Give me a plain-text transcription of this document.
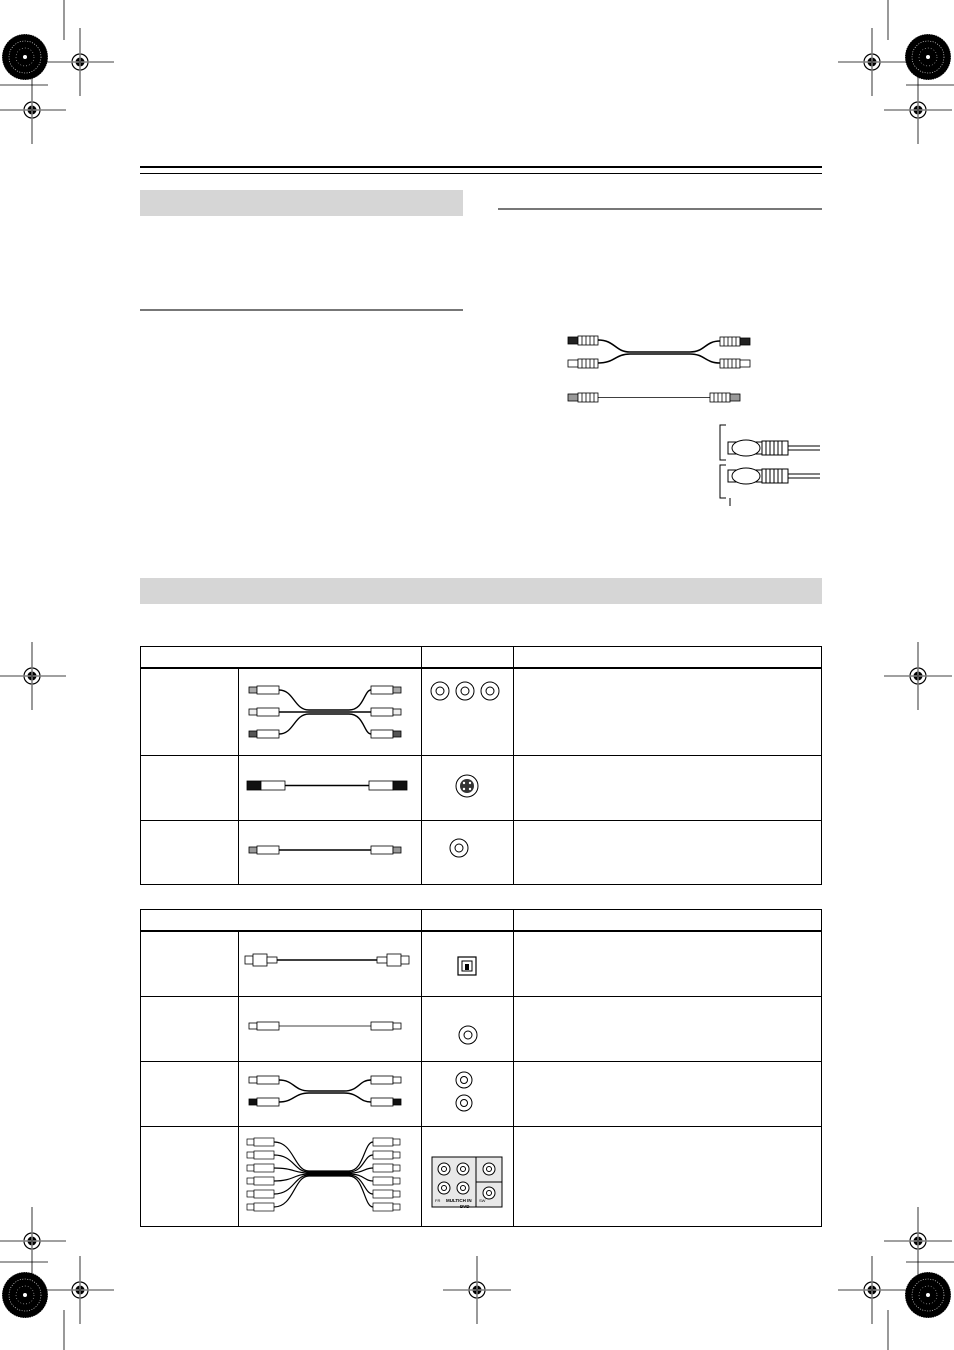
FR MULTICH IN SW
DVD	
